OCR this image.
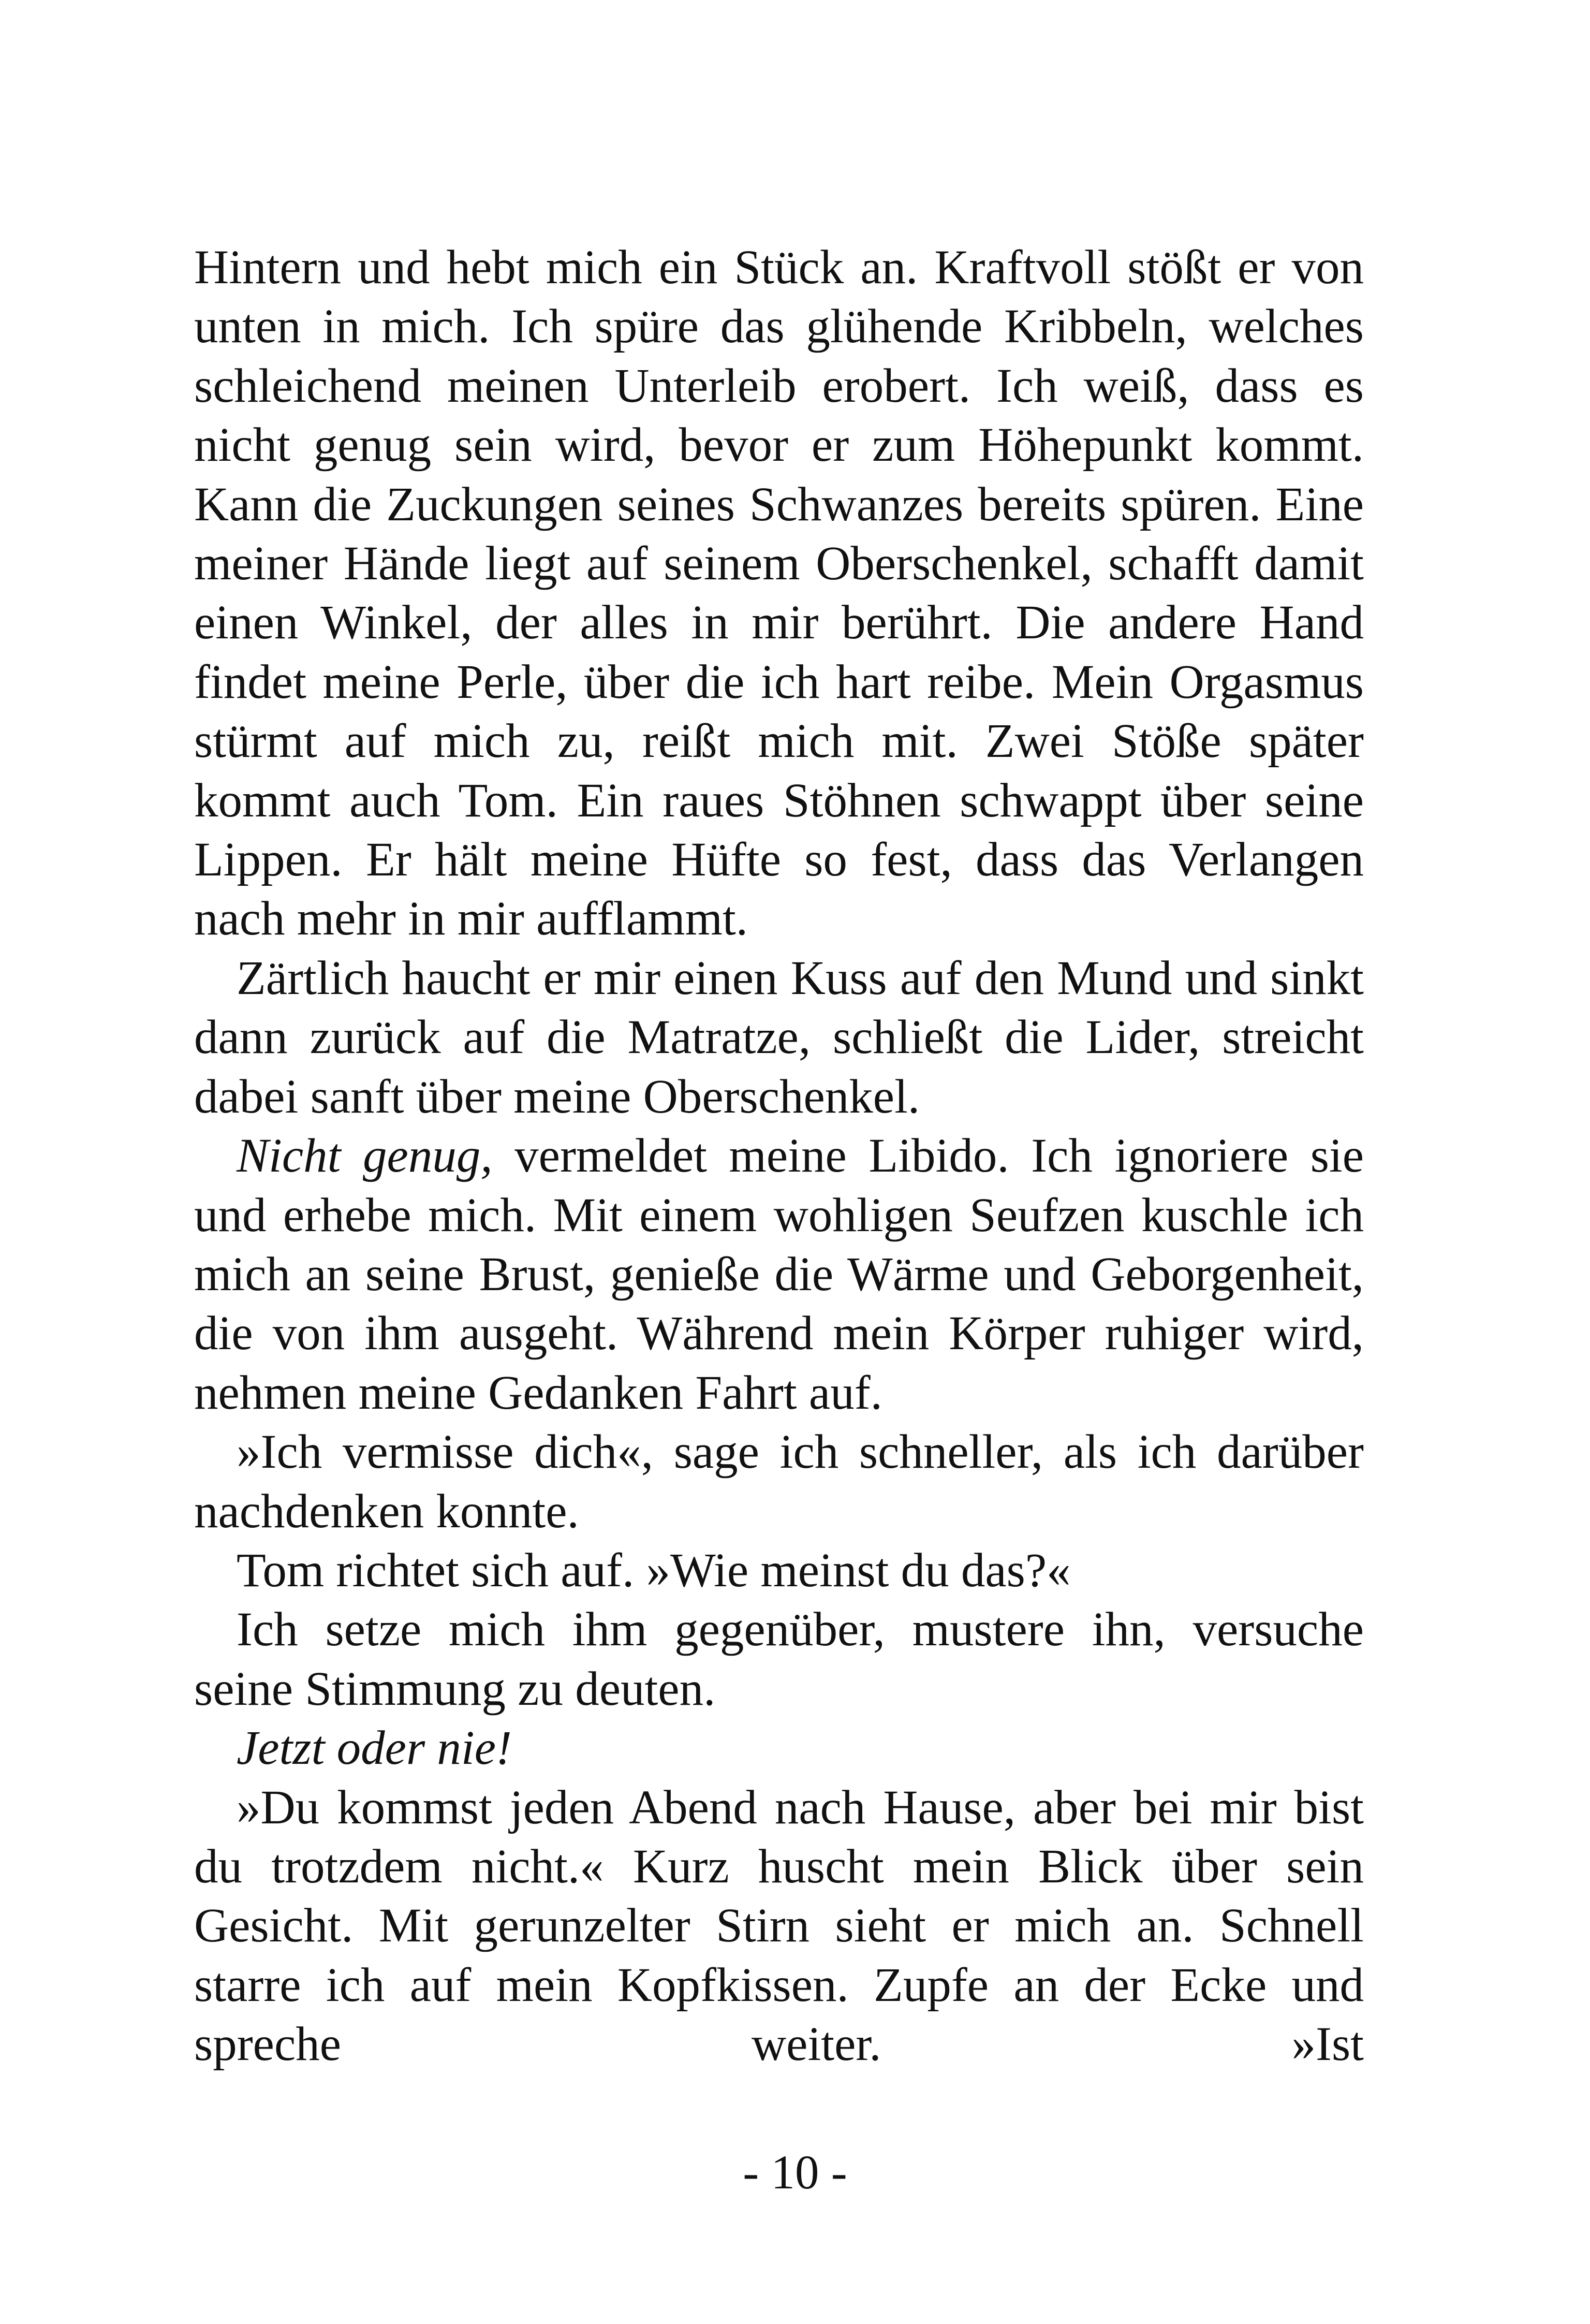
Hintern und hebt mich ein Stück an. Kraftvoll stößt er von unten in mich. Ich spüre das glühende Kribbeln, welches schleichend meinen Unterleib erobert. Ich weiß, dass es nicht genug sein wird, bevor er zum Höhepunkt kommt. Kann die Zuckungen seines Schwanzes bereits spüren. Eine meiner Hände liegt auf seinem Oberschenkel, schafft damit einen Winkel, der alles in mir berührt. Die andere Hand findet meine Perle, über die ich hart reibe. Mein Orgasmus stürmt auf mich zu, reißt mich mit. Zwei Stöße später kommt auch Tom. Ein raues Stöhnen schwappt über seine Lippen. Er hält meine Hüfte so fest, dass das Verlangen nach mehr in mir aufflammt.

Zärtlich haucht er mir einen Kuss auf den Mund und sinkt dann zurück auf die Matratze, schließt die Lider, streicht dabei sanft über meine Oberschenkel.

Nicht genug, vermeldet meine Libido. Ich ignoriere sie und erhebe mich. Mit einem wohligen Seufzen kuschle ich mich an seine Brust, genieße die Wärme und Geborgenheit, die von ihm ausgeht. Während mein Körper ruhiger wird, nehmen meine Gedanken Fahrt auf.

»Ich vermisse dich«, sage ich schneller, als ich darüber nachdenken konnte.

Tom richtet sich auf. »Wie meinst du das?«

Ich setze mich ihm gegenüber, mustere ihn, versuche seine Stimmung zu deuten.

Jetzt oder nie!

»Du kommst jeden Abend nach Hause, aber bei mir bist du trotzdem nicht.« Kurz huscht mein Blick über sein Gesicht. Mit gerunzelter Stirn sieht er mich an. Schnell starre ich auf mein Kopfkissen. Zupfe an der Ecke und spreche weiter. »Ist

- 10 -
